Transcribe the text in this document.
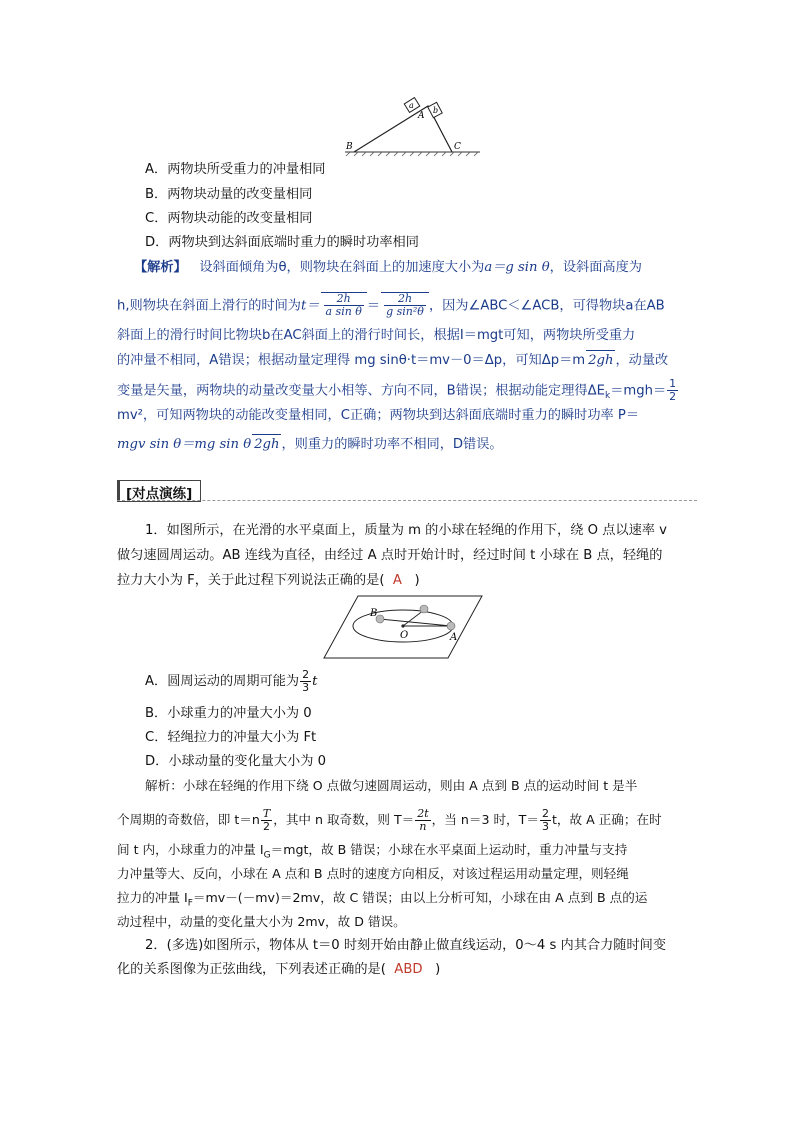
a
b
A
B	C
A．两物块所受重力的冲量相同
B．两物块动量的改变量相同
C．两物块动能的改变量相同
D．两物块到达斜面底端时重力的瞬时功率相同
【解析】 设斜面倾角为θ，则物块在斜面上的加速度大小为a＝g sin θ，设斜面高度为
h,则物块在斜面上滑行的时间为$t= \frac{2h}{\text{a sin θ}} = \frac{2h}{\text{g sin²θ}}$ ，因为∠ABC＜∠ACB，可得物块a在AB
斜面上的滑行时间比物块b在AC斜面上的滑行时间长，根据I＝mgt可知，两物块所受重力
的冲量不相同，A错误；根据动量定理得 mg sinθ·t＝mv－0＝Δp，可知Δp＝m 2gh ，动量改
变量是矢量，两物块的动量改变量大小相等、方向不同，B错误；根据动能定理得$\Delta E_k=mgh= \frac{1}{2}$
mv²，可知两物块的动能改变量相同，C正确；两物块到达斜面底端时重力的瞬时功率 P＝
mgv sin θ＝mg sin θ 2gh ，则重力的瞬时功率不相同，D错误。
[对点演练]
1．如图所示，在光滑的水平桌面上，质量为 m 的小球在轻绳的作用下，绕 O 点以速率 v
做匀速圆周运动。AB 连线为直径，由经过 A 点时开始计时，经过时间 t 小球在 B 点，轻绳的
拉力大小为 F，关于此过程下列说法正确的是( A )
B
O	A
A．圆周运动的周期可能为 $\frac{2}{3}$ t
B．小球重力的冲量大小为 0
C．轻绳拉力的冲量大小为 Ft
D．小球动量的变化量大小为 0
解析：小球在轻绳的作用下绕 O 点做匀速圆周运动，则由 A 点到 B 点的运动时间 t 是半
个周期的奇数倍，即 $t=n \frac{T}{2}$ ，其中 n 取奇数，则 $T= \frac{2t}{n}$ ，当 n＝3 时，$T= \frac{2}{3}$ t，故 A 正确；在时
间 t 内，小球重力的冲量 $I_G=mgt$，故 B 错误；小球在水平桌面上运动时，重力冲量与支持
力冲量等大、反向，小球在 A 点和 B 点时的速度方向相反，对该过程运用动量定理，则轻绳
拉力的冲量 $I_F=mv-(-mv)=2mv$，故 C 错误；由以上分析可知，小球在由 A 点到 B 点的运
动过程中，动量的变化量大小为 2mv，故 D 错误。
2．(多选)如图所示，物体从 t＝0 时刻开始由静止做直线运动，0～4 s 内其合力随时间变
化的关系图像为正弦曲线，下列表述正确的是( ABD )
